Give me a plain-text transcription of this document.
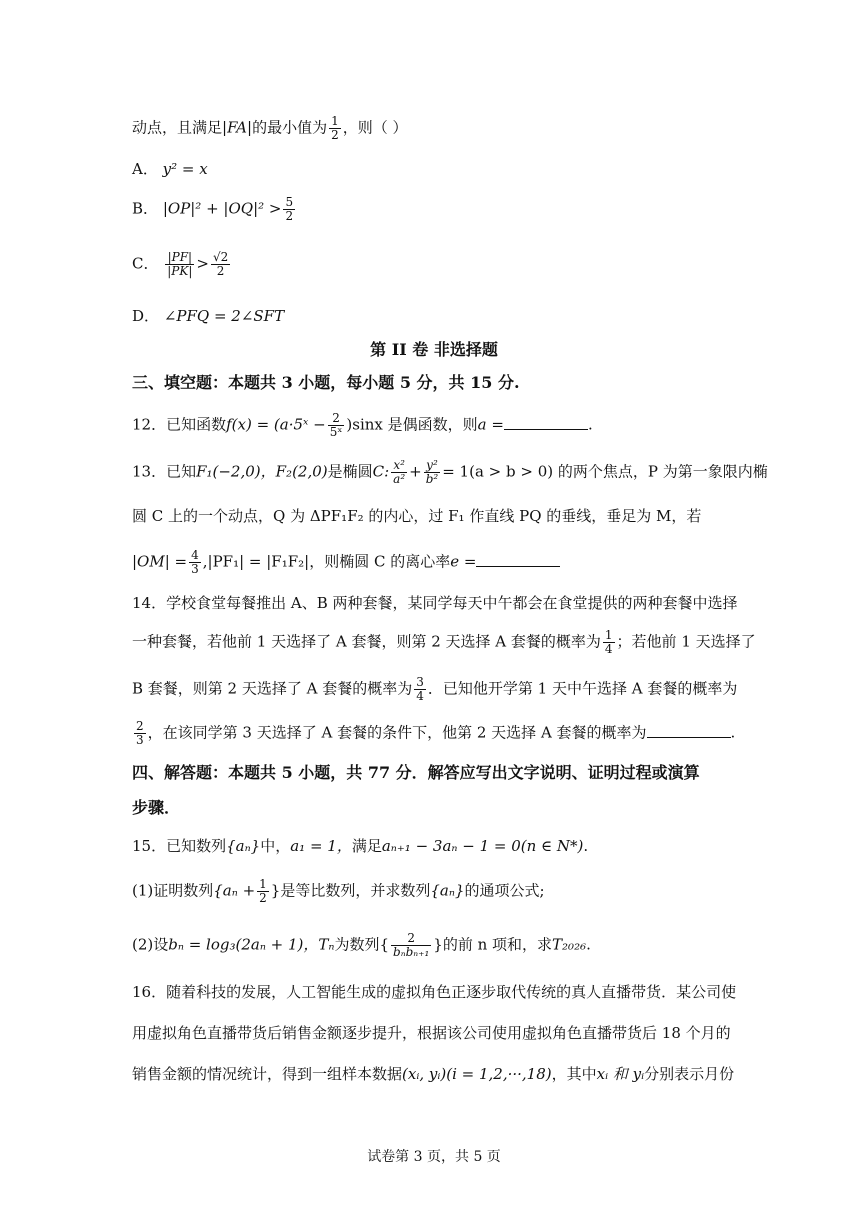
动点，且满足|FA|的最小值为 $\frac{1}{2}$ ，则（ ）
A． y² = x
B． $|OP|^2 + |OQ|^2 > \frac{5}{2}$
C． $\frac{|PF|}{|PK|} > \frac{√2}{2}$
D． ∠PFQ = 2∠SFT
第 II 卷 非选择题
三、填空题：本题共 3 小题，每小题 5 分，共 15 分.
12．已知函数f(x) = (a·5ˣ − $\frac{2}{\text{5ˣ}} )\sin x$ 是偶函数，则a =	.
13．已知F₁(−2,0)，F₂(2,0)是椭圆C: $\frac{\text{x²}}{\text{a²}} + \frac{\text{y²}}{\text{b²}} = 1(a > b > 0)$ 的两个焦点，P 为第一象限内椭
圆 C 上的一个动点，Q 为 ΔPF₁F₂ 的内心，过 F₁ 作直线 PQ 的垂线，垂足为 M，若
$|OM| = \frac{4}{3} ,|PF_1| = |F_1F_2|$，则椭圆 C 的离心率e =
14．学校食堂每餐推出 A、B 两种套餐，某同学每天中午都会在食堂提供的两种套餐中选择
一种套餐，若他前 1 天选择了 A 套餐，则第 2 天选择 A 套餐的概率为 $\frac{1}{4}$ ；若他前 1 天选择了
B 套餐，则第 2 天选择了 A 套餐的概率为 $\frac{3}{4}$ ．已知他开学第 1 天中午选择 A 套餐的概率为
$\frac{2}{3}$ ，在该同学第 3 天选择了 A 套餐的条件下，他第 2 天选择 A 套餐的概率为	.
四、解答题：本题共 5 小题，共 77 分．解答应写出文字说明、证明过程或演算
步骤．
15．已知数列{aₙ}中，a₁ = 1，满足aₙ₊₁ − 3aₙ − 1 = 0(n ∈ N*).
(1)证明数列{$a_n + \frac{1}{2}$ }是等比数列，并求数列{aₙ}的通项公式;
(2)设bₙ = log₃(2aₙ + 1)，Tₙ为数列{ $\frac{2}{\text{bₙbₙ₊₁}}$ }的前 n 项和，求T₂₀₂₆.
16．随着科技的发展，人工智能生成的虚拟角色正逐步取代传统的真人直播带货．某公司使
用虚拟角色直播带货后销售金额逐步提升，根据该公司使用虚拟角色直播带货后 18 个月的
销售金额的情况统计，得到一组样本数据(xᵢ, yᵢ)(i = 1,2,···,18)，其中xᵢ 和 yᵢ分别表示月份
试卷第 3 页，共 5 页
